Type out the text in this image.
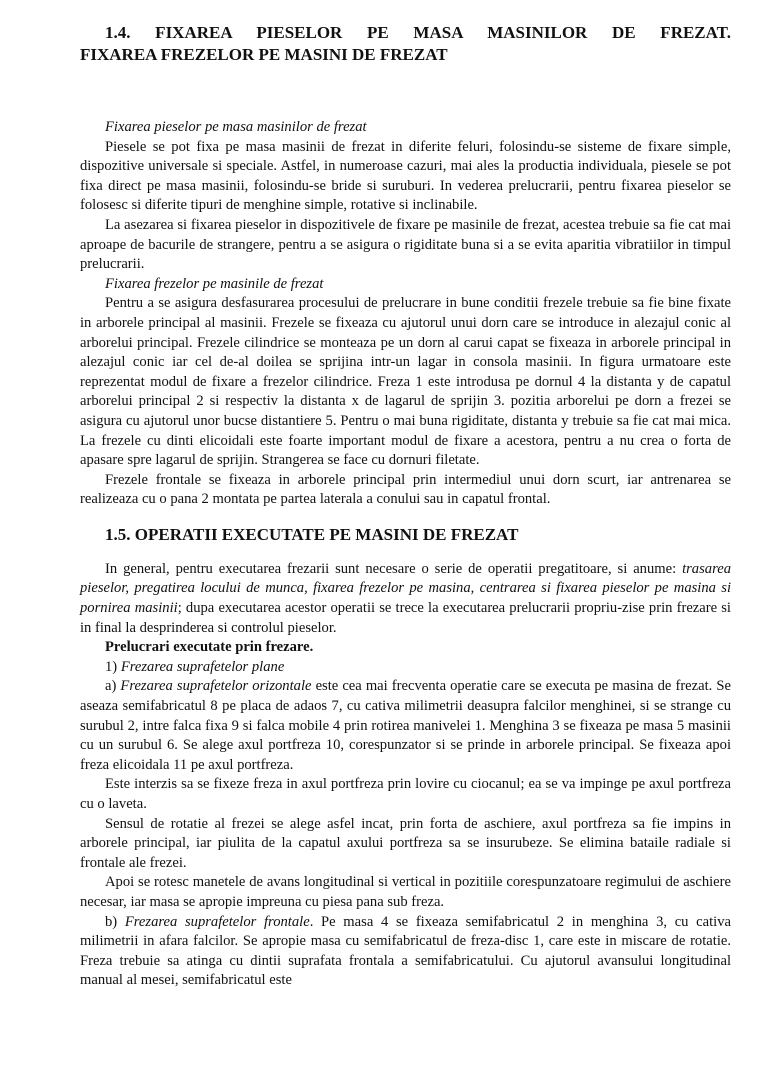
1.4. FIXAREA PIESELOR PE MASA MASINILOR DE FREZAT.
FIXAREA FREZELOR PE MASINI DE FREZAT

Fixarea pieselor pe masa masinilor de frezat

Piesele se pot fixa pe masa masinii de frezat in diferite feluri, folosindu-se sisteme de fixare simple, dispozitive universale si speciale. Astfel, in numeroase cazuri, mai ales la productia individuala, piesele se pot fixa direct pe masa masinii, folosindu-se bride si suruburi. In vederea prelucrarii, pentru fixarea pieselor se folosesc si diferite tipuri de menghine simple, rotative si inclinabile.

La asezarea si fixarea pieselor in dispozitivele de fixare pe masinile de frezat, acestea trebuie sa fie cat mai aproape de bacurile de strangere, pentru a se asigura o rigiditate buna si a se evita aparitia vibratiilor in timpul prelucrarii.

Fixarea frezelor pe masinile de frezat

Pentru a se asigura desfasurarea procesului de prelucrare in bune conditii frezele trebuie sa fie bine fixate in arborele principal al masinii. Frezele se fixeaza cu ajutorul unui dorn care se introduce in alezajul conic al arborelui principal. Frezele cilindrice se monteaza pe un dorn al carui capat se fixeaza in arborele principal in alezajul conic iar cel de-al doilea se sprijina intr-un lagar in consola masinii. In figura urmatoare este reprezentat modul de fixare a frezelor cilindrice. Freza 1 este introdusa pe dornul 4 la distanta y de capatul arborelui principal 2 si respectiv la distanta x de lagarul de sprijin 3. pozitia arborelui pe dorn a frezei se asigura cu ajutorul unor bucse distantiere 5. Pentru o mai buna rigiditate, distanta y trebuie sa fie cat mai mica. La frezele cu dinti elicoidali este foarte important modul de fixare a acestora, pentru a nu crea o forta de apasare spre lagarul de sprijin. Strangerea se face cu dornuri filetate.

Frezele frontale se fixeaza in arborele principal prin intermediul unui dorn scurt, iar antrenarea se realizeaza cu o pana 2 montata pe partea laterala a conului sau in capatul frontal.

1.5. OPERATII EXECUTATE PE MASINI DE FREZAT

In general, pentru executarea frezarii sunt necesare o serie de operatii pregatitoare, si anume: trasarea pieselor, pregatirea locului de munca, fixarea frezelor pe masina, centrarea si fixarea pieselor pe masina si pornirea masinii; dupa executarea acestor operatii se trece la executarea prelucrarii propriu-zise prin frezare si in final la desprinderea si controlul pieselor.

Prelucrari executate prin frezare.

1) Frezarea suprafetelor plane

a) Frezarea suprafetelor orizontale este cea mai frecventa operatie care se executa pe masina de frezat. Se aseaza semifabricatul 8 pe placa de adaos 7, cu cativa milimetrii deasupra falcilor menghinei, si se strange cu surubul 2, intre falca fixa 9 si falca mobile 4 prin rotirea manivelei 1. Menghina 3 se fixeaza pe masa 5 masinii cu un surubul 6. Se alege axul portfreza 10, corespunzator si se prinde in arborele principal. Se fixeaza apoi freza elicoidala 11 pe axul portfreza.

Este interzis sa se fixeze freza in axul portfreza prin lovire cu ciocanul; ea se va impinge pe axul portfreza cu o laveta.

Sensul de rotatie al frezei se alege asfel incat, prin forta de aschiere, axul portfreza sa fie impins in arborele principal, iar piulita de la capatul axului portfreza sa se insurubeze. Se elimina bataile radiale si frontale ale frezei.

Apoi se rotesc manetele de avans longitudinal si vertical in pozitiile corespunzatoare regimului de aschiere necesar, iar masa se apropie impreuna cu piesa pana sub freza.

b) Frezarea suprafetelor frontale. Pe masa 4 se fixeaza semifabricatul 2 in menghina 3, cu cativa milimetrii in afara falcilor. Se apropie masa cu semifabricatul de freza-disc 1, care este in miscare de rotatie. Freza trebuie sa atinga cu dintii suprafata frontala a semifabricatului. Cu ajutorul avansului longitudinal manual al mesei, semifabricatul este
